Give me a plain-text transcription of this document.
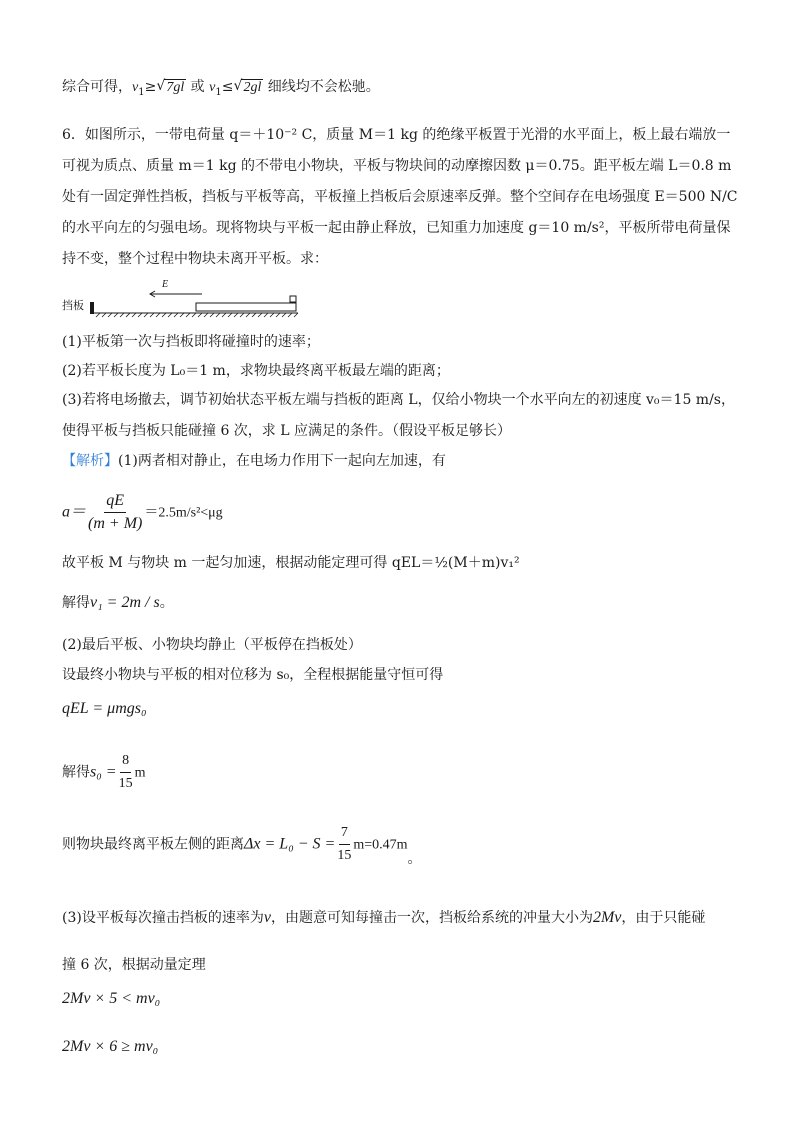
综合可得，$v_1\ge$ √ 7gl 或 $v_1\le$ √ 2gl 细线均不会松驰。
6．如图所示，一带电荷量 q＝＋10⁻² C，质量 M＝1 kg 的绝缘平板置于光滑的水平面上，板上最右端放一可视为质点、质量 m＝1 kg 的不带电小物块，平板与物块间的动摩擦因数 μ＝0.75。距平板左端 L＝0.8 m 处有一固定弹性挡板，挡板与平板等高，平板撞上挡板后会原速率反弹。整个空间存在电场强度 E＝500 N/C 的水平向左的匀强电场。现将物块与平板一起由静止释放，已知重力加速度 g＝10 m/s²，平板所带电荷量保持不变，整个过程中物块未离开平板。求：
挡板
E
(1)平板第一次与挡板即将碰撞时的速率；
(2)若平板长度为 L₀＝1 m，求物块最终离平板最左端的距离；
(3)若将电场撤去，调节初始状态平板左端与挡板的距离 L，仅给小物块一个水平向左的初速度 v₀＝15 m/s，使得平板与挡板只能碰撞 6 次，求 L 应满足的条件。（假设平板足够长）
【解析】(1)两者相对静止，在电场力作用下一起向左加速，有
$a= \frac{qE}{(m + M)} =2.5m/s^2<\mu g$
故平板 M 与物块 m 一起匀加速，根据动能定理可得 qEL＝½(M＋m)v₁²
解得v₁ = 2m / s。
(2)最后平板、小物块均静止（平板停在挡板处）
设最终小物块与平板的相对位移为 s₀，全程根据能量守恒可得
qEL = μmgs₀
解得$s_0 = \frac{8}{15}$ m
则物块最终离平板左侧的距离$\Delta x = L_0 - S = \frac{7}{15} m=0.47m$。
(3)设平板每次撞击挡板的速率为v，由题意可知每撞击一次，挡板给系统的冲量大小为2Mv，由于只能碰
撞 6 次，根据动量定理
2Mv × 5 < mv₀
2Mv × 6 ≥ mv₀
